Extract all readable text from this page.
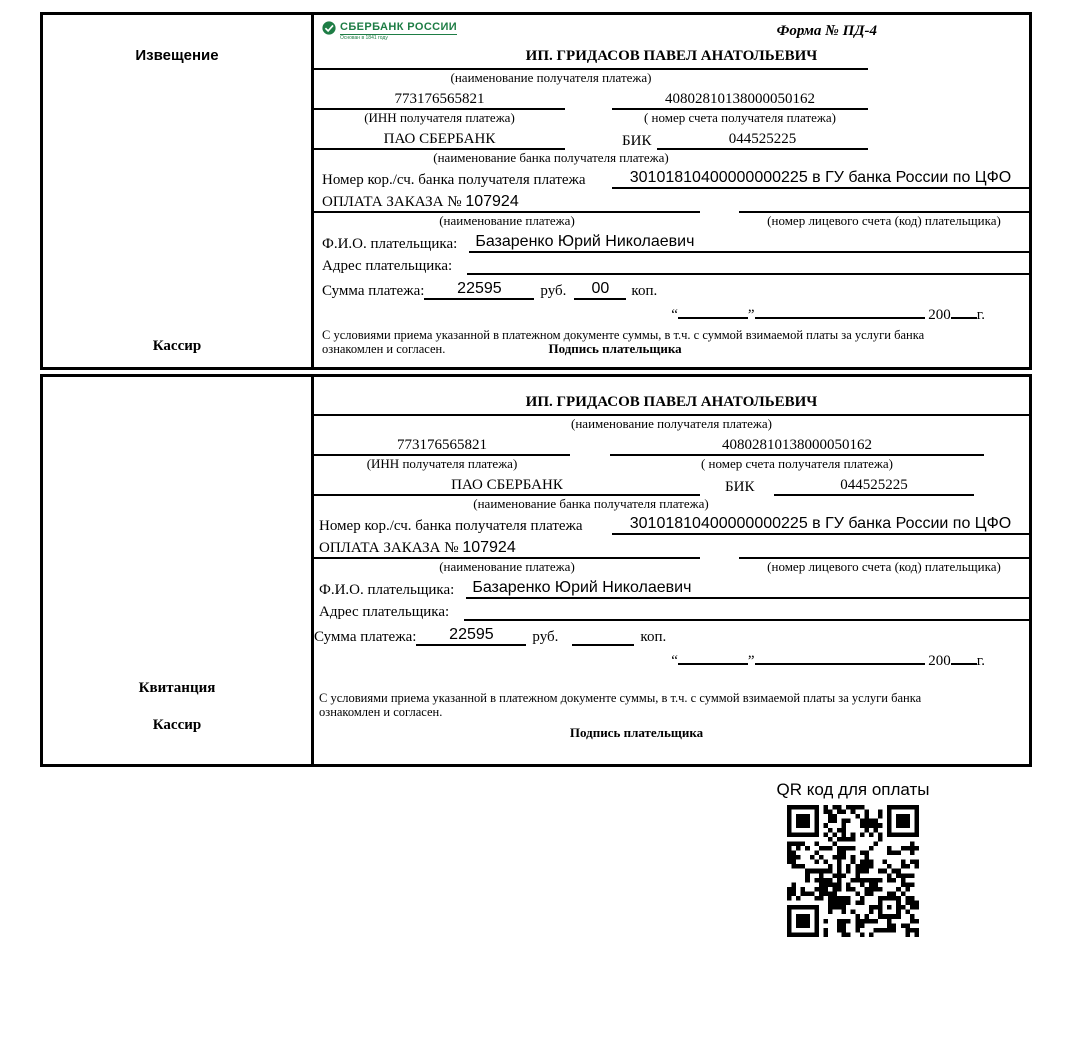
Извещение
Кассир
СБЕРБАНК РОССИИ
Основан в 1841 году	Форма № ПД-4
ИП. ГРИДАСОВ ПАВЕЛ АНАТОЛЬЕВИЧ
(наименование получателя платежа)
773176565821	40802810138000050162
(ИНН получателя платежа)	( номер счета получателя платежа)
ПАО СБЕРБАНК	БИК	044525225
(наименование банка получателя платежа)
Номер кор./сч. банка получателя платежа	30101810400000000225 в ГУ банка России по ЦФО
ОПЛАТА ЗАКАЗА № 107924
(наименование платежа)	(номер лицевого счета (код) плательщика)
Ф.И.О. плательщика:	Базаренко Юрий Николаевич
Адрес плательщика:
Сумма платежа:	22595	руб.	00	коп.
“	”	200 г.
С условиями приема указанной в платежном документе суммы, в т.ч. с суммой взимаемой платы за услуги банка
ознакомлен и согласен.	Подпись плательщика
Квитанция
Кассир
ИП. ГРИДАСОВ ПАВЕЛ АНАТОЛЬЕВИЧ
(наименование получателя платежа)
773176565821	40802810138000050162
(ИНН получателя платежа)	( номер счета получателя платежа)
ПАО СБЕРБАНК	БИК	044525225
(наименование банка получателя платежа)
Номер кор./сч. банка получателя платежа	30101810400000000225 в ГУ банка России по ЦФО
ОПЛАТА ЗАКАЗА № 107924
(наименование платежа)	(номер лицевого счета (код) плательщика)
Ф.И.О. плательщика:	Базаренко Юрий Николаевич
Адрес плательщика:
Сумма платежа:	22595	руб.	коп.
“	”	200 г.
С условиями приема указанной в платежном документе суммы, в т.ч. с суммой взимаемой платы за услуги банка
ознакомлен и согласен.
Подпись плательщика
QR код для оплаты
